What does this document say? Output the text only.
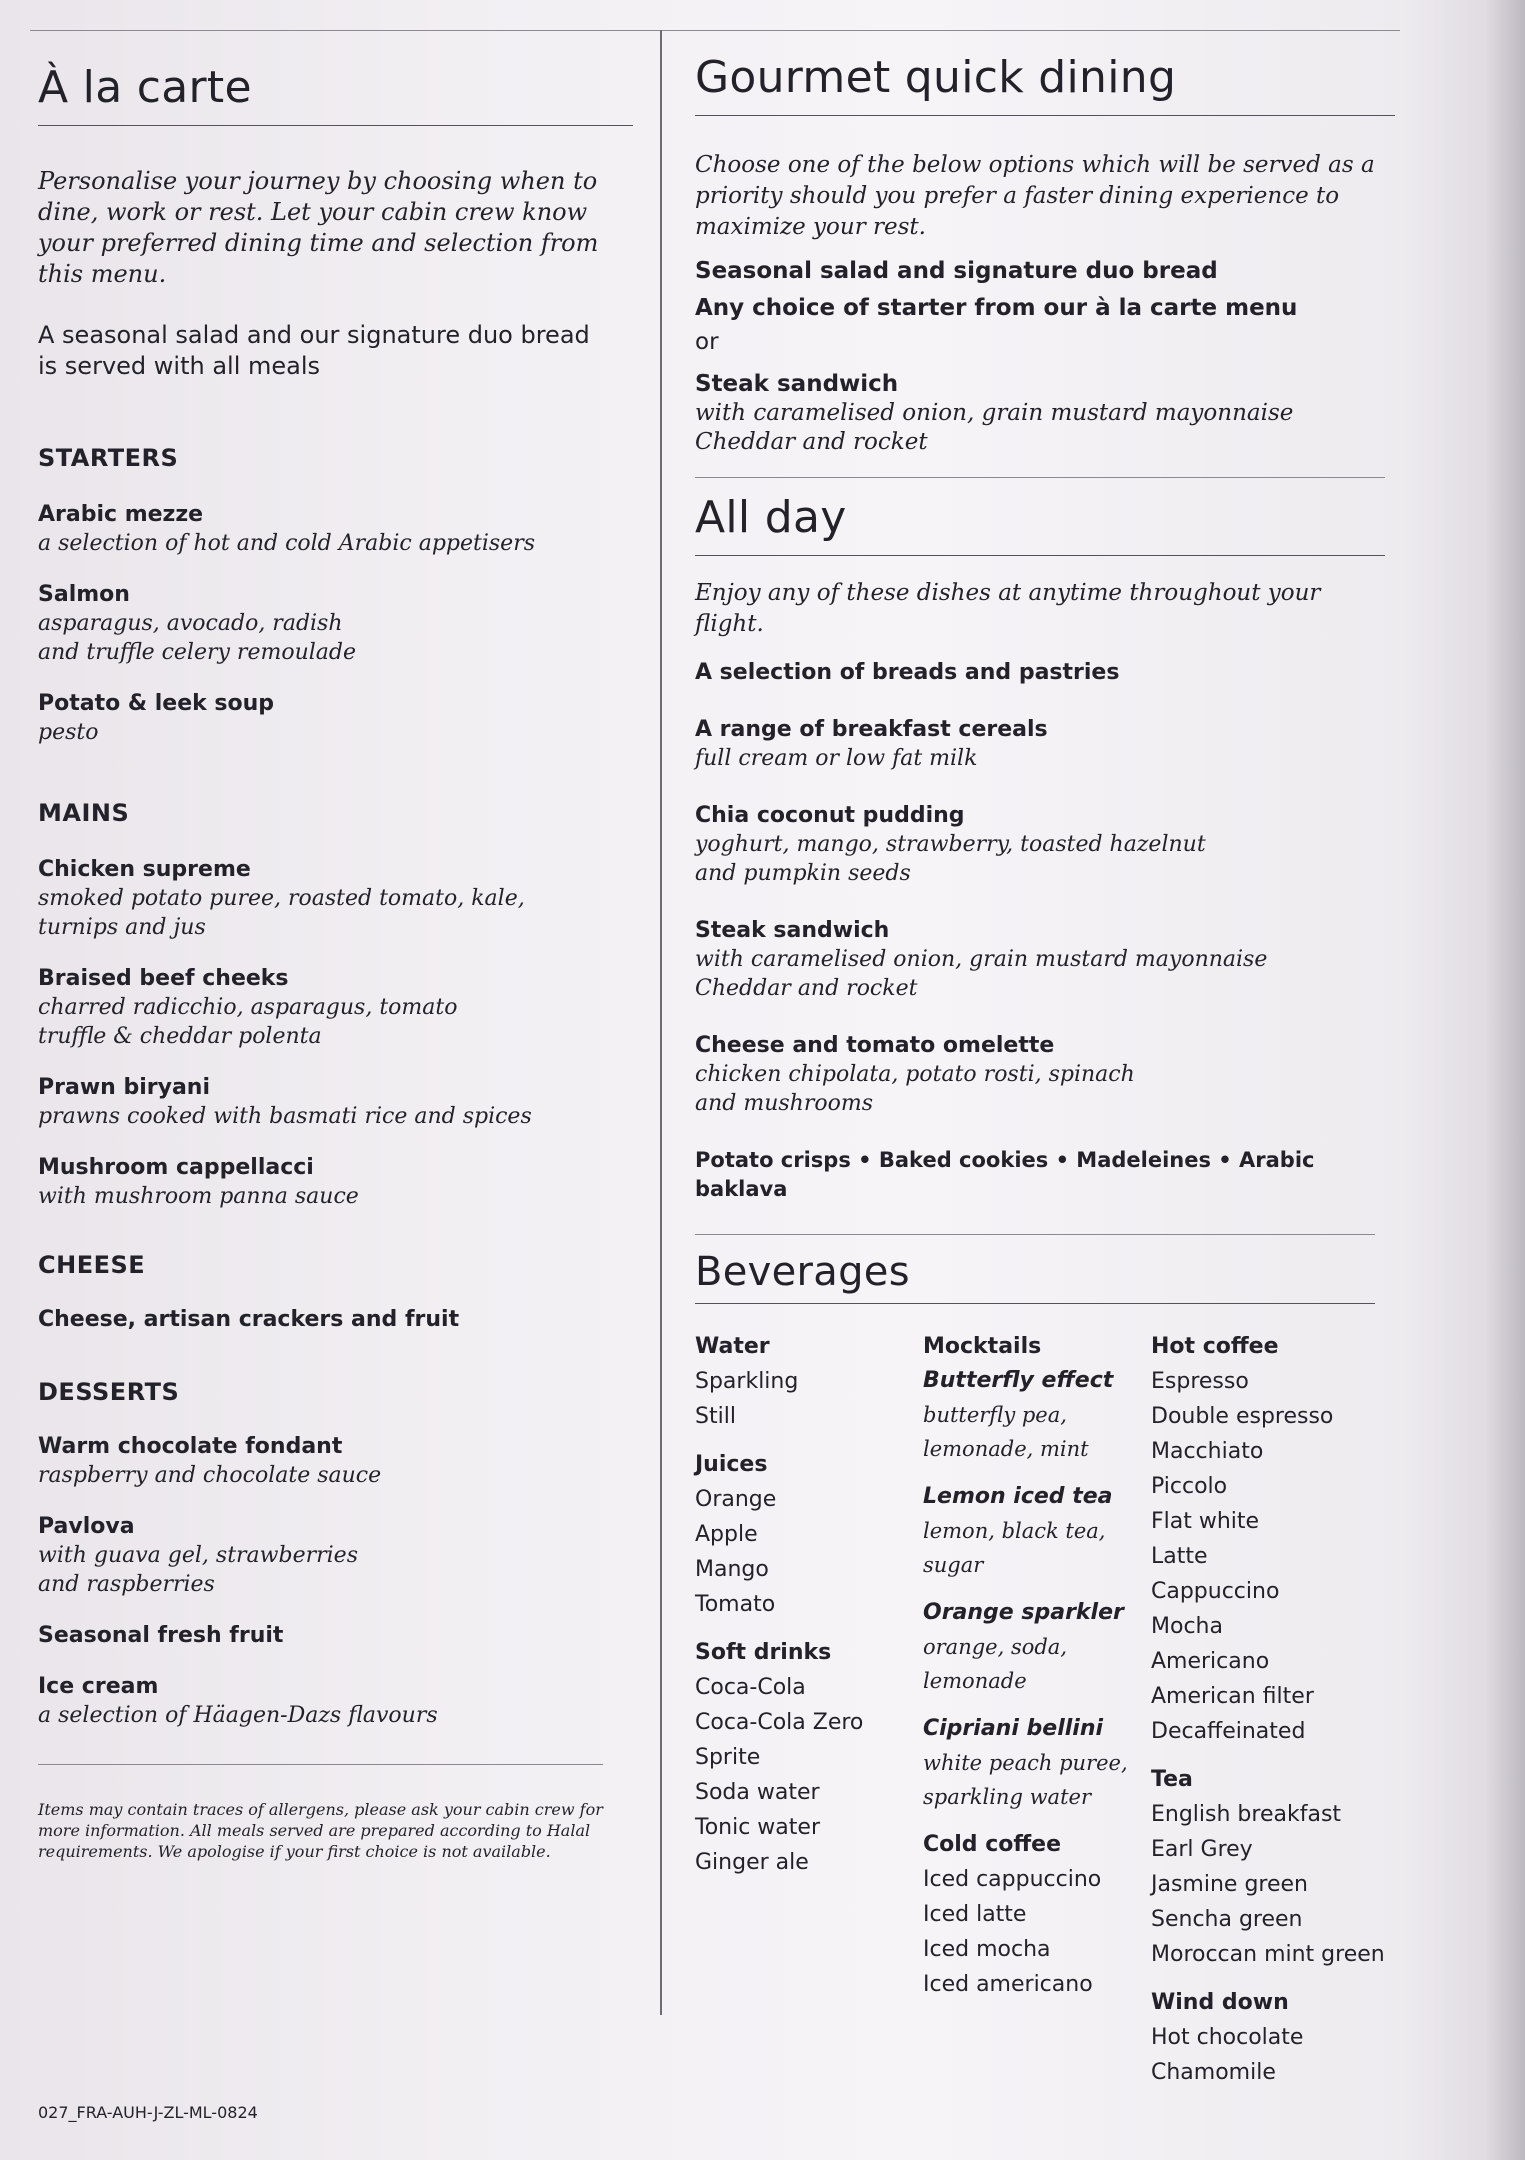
À la carte

Personalise your journey by choosing when to dine, work or rest. Let your cabin crew know your preferred dining time and selection from this menu.

A seasonal salad and our signature duo bread is served with all meals

STARTERS

Arabic mezze

a selection of hot and cold Arabic appetisers

Salmon

asparagus, avocado, radish and truffle celery remoulade

Potato & leek soup

pesto

MAINS

Chicken supreme

smoked potato puree, roasted tomato, kale, turnips and jus

Braised beef cheeks

charred radicchio, asparagus, tomato truffle & cheddar polenta

Prawn biryani

prawns cooked with basmati rice and spices

Mushroom cappellacci

with mushroom panna sauce

CHEESE

Cheese, artisan crackers and fruit

DESSERTS

Warm chocolate fondant

raspberry and chocolate sauce

Pavlova

with guava gel, strawberries and raspberries

Seasonal fresh fruit

Ice cream

a selection of Häagen-Dazs flavours

Items may contain traces of allergens, please ask your cabin crew for more information. All meals served are prepared according to Halal requirements. We apologise if your first choice is not available.

027_FRA-AUH-J-ZL-ML-0824
Gourmet quick dining

Choose one of the below options which will be served as a priority should you prefer a faster dining experience to maximize your rest.

Seasonal salad and signature duo bread

Any choice of starter from our à la carte menu

or

Steak sandwich

with caramelised onion, grain mustard mayonnaise Cheddar and rocket

All day

Enjoy any of these dishes at anytime throughout your flight.

A selection of breads and pastries

A range of breakfast cereals

full cream or low fat milk

Chia coconut pudding

yoghurt, mango, strawberry, toasted hazelnut and pumpkin seeds

Steak sandwich

with caramelised onion, grain mustard mayonnaise Cheddar and rocket

Cheese and tomato omelette

chicken chipolata, potato rosti, spinach and mushrooms

Potato crisps • Baked cookies • Madeleines • Arabic baklava

Beverages

Water

Sparkling

Still

Juices

Orange

Apple

Mango

Tomato

Soft drinks

Coca-Cola

Coca-Cola Zero

Sprite

Soda water

Tonic water

Ginger ale

Mocktails

Butterfly effect

butterfly pea,

lemonade, mint

Lemon iced tea

lemon, black tea,

sugar

Orange sparkler

orange, soda,

lemonade

Cipriani bellini

white peach puree,

sparkling water

Cold coffee

Iced cappuccino

Iced latte

Iced mocha

Iced americano

Hot coffee

Espresso

Double espresso

Macchiato

Piccolo

Flat white

Latte

Cappuccino

Mocha

Americano

American filter

Decaffeinated

Tea

English breakfast

Earl Grey

Jasmine green

Sencha green

Moroccan mint green

Wind down

Hot chocolate

Chamomile
